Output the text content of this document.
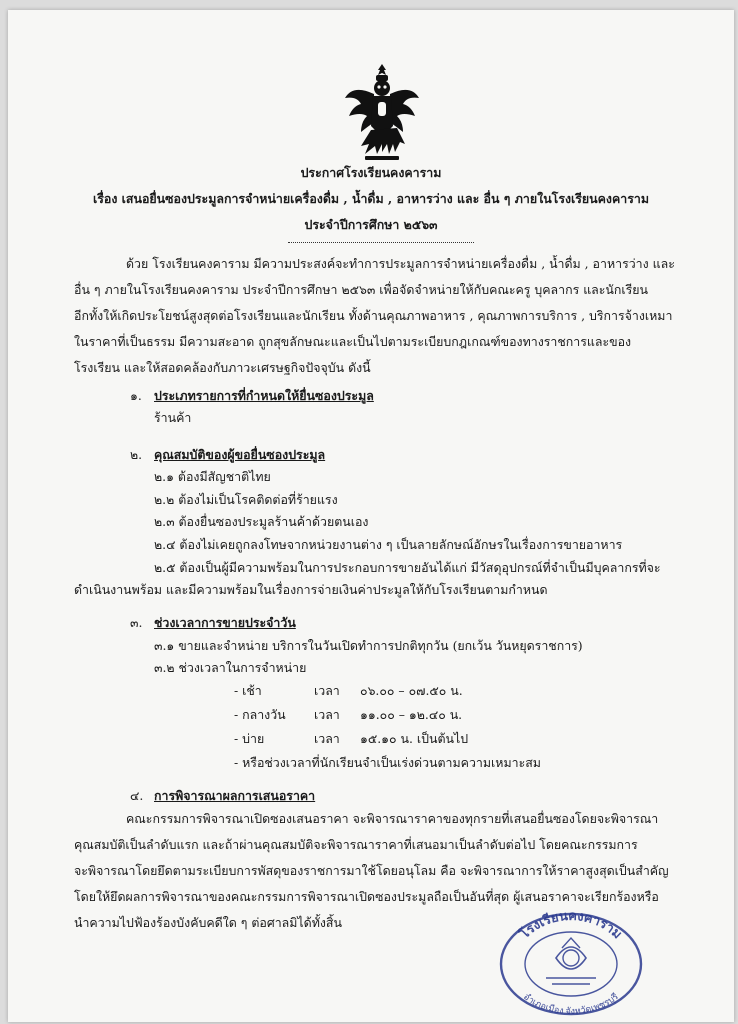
ประกาศโรงเรียนคงคาราม
เรื่อง เสนอยื่นซองประมูลการจำหน่ายเครื่องดื่ม , น้ำดื่ม , อาหารว่าง และ อื่น ๆ ภายในโรงเรียนคงคาราม
ประจำปีการศึกษา ๒๕๖๓
ด้วย โรงเรียนคงคาราม มีความประสงค์จะทำการประมูลการจำหน่ายเครื่องดื่ม , น้ำดื่ม , อาหารว่าง และ
อื่น ๆ ภายในโรงเรียนคงคาราม ประจำปีการศึกษา ๒๕๖๓ เพื่อจัดจำหน่ายให้กับคณะครู บุคลากร และนักเรียน
อีกทั้งให้เกิดประโยชน์สูงสุดต่อโรงเรียนและนักเรียน ทั้งด้านคุณภาพอาหาร , คุณภาพการบริการ , บริการจ้างเหมา
ในราคาที่เป็นธรรม มีความสะอาด ถูกสุขลักษณะและเป็นไปตามระเบียบกฎเกณฑ์ของทางราชการและของ
โรงเรียน และให้สอดคล้องกับภาวะเศรษฐกิจปัจจุบัน ดังนี้
๑. ประเภทรายการที่กำหนดให้ยื่นซองประมูล
ร้านค้า
๒. คุณสมบัติของผู้ขอยื่นซองประมูล
๒.๑ ต้องมีสัญชาติไทย
๒.๒ ต้องไม่เป็นโรคติดต่อที่ร้ายแรง
๒.๓ ต้องยื่นซองประมูลร้านค้าด้วยตนเอง
๒.๔ ต้องไม่เคยถูกลงโทษจากหน่วยงานต่าง ๆ เป็นลายลักษณ์อักษรในเรื่องการขายอาหาร
๒.๕ ต้องเป็นผู้มีความพร้อมในการประกอบการขายอันได้แก่ มีวัสดุอุปกรณ์ที่จำเป็นมีบุคลากรที่จะ
ดำเนินงานพร้อม และมีความพร้อมในเรื่องการจ่ายเงินค่าประมูลให้กับโรงเรียนตามกำหนด
๓. ช่วงเวลาการขายประจำวัน
๓.๑ ขายและจำหน่าย บริการในวันเปิดทำการปกติทุกวัน (ยกเว้น วันหยุดราชการ)
๓.๒ ช่วงเวลาในการจำหน่าย
- เช้า	เวลา ๐๖.๐๐ – ๐๗.๕๐ น.
- กลางวัน เวลา ๑๑.๐๐ – ๑๒.๔๐ น.
- บ่าย	เวลา ๑๕.๑๐ น. เป็นต้นไป
- หรือช่วงเวลาที่นักเรียนจำเป็นเร่งด่วนตามความเหมาะสม
๔. การพิจารณาผลการเสนอราคา
คณะกรรมการพิจารณาเปิดซองเสนอราคา จะพิจารณาราคาของทุกรายที่เสนอยื่นซองโดยจะพิจารณา
คุณสมบัติเป็นลำดับแรก และถ้าผ่านคุณสมบัติจะพิจารณาราคาที่เสนอมาเป็นลำดับต่อไป โดยคณะกรรมการ
จะพิจารณาโดยยึดตามระเบียบการพัสดุของราชการมาใช้โดยอนุโลม คือ จะพิจารณาการให้ราคาสูงสุดเป็นสำคัญ
โดยให้ยึดผลการพิจารณาของคณะกรรมการพิจารณาเปิดซองประมูลถือเป็นอันที่สุด ผู้เสนอราคาจะเรียกร้องหรือ
นำความไปฟ้องร้องบังคับคดีใด ๆ ต่อศาลมิได้ทั้งสิ้น
โรงเรียนคงคาราม
อำเภอเมือง จังหวัดเพชรบุรี
